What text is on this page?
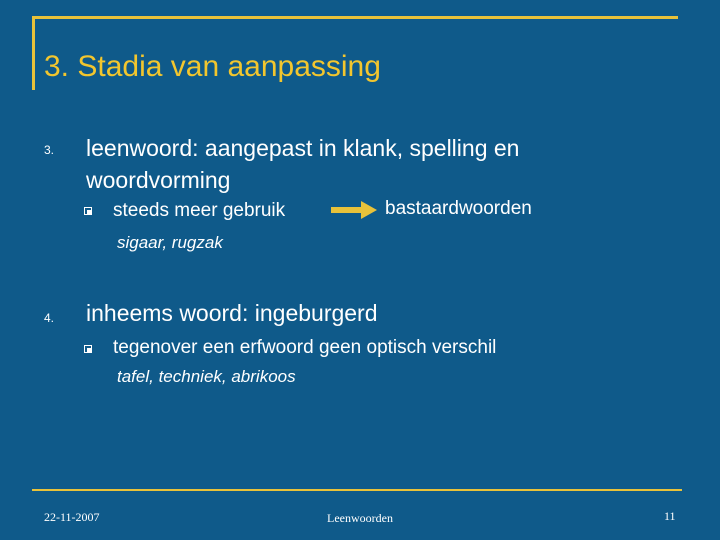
3. Stadia van aanpassing
3. leenwoord: aangepast in klank, spelling en woordvorming
steeds meer gebruik	bastaardwoorden
sigaar, rugzak
4. inheems woord: ingeburgerd
tegenover een erfwoord geen optisch verschil
tafel, techniek, abrikoos
22-11-2007	Leenwoorden	11
